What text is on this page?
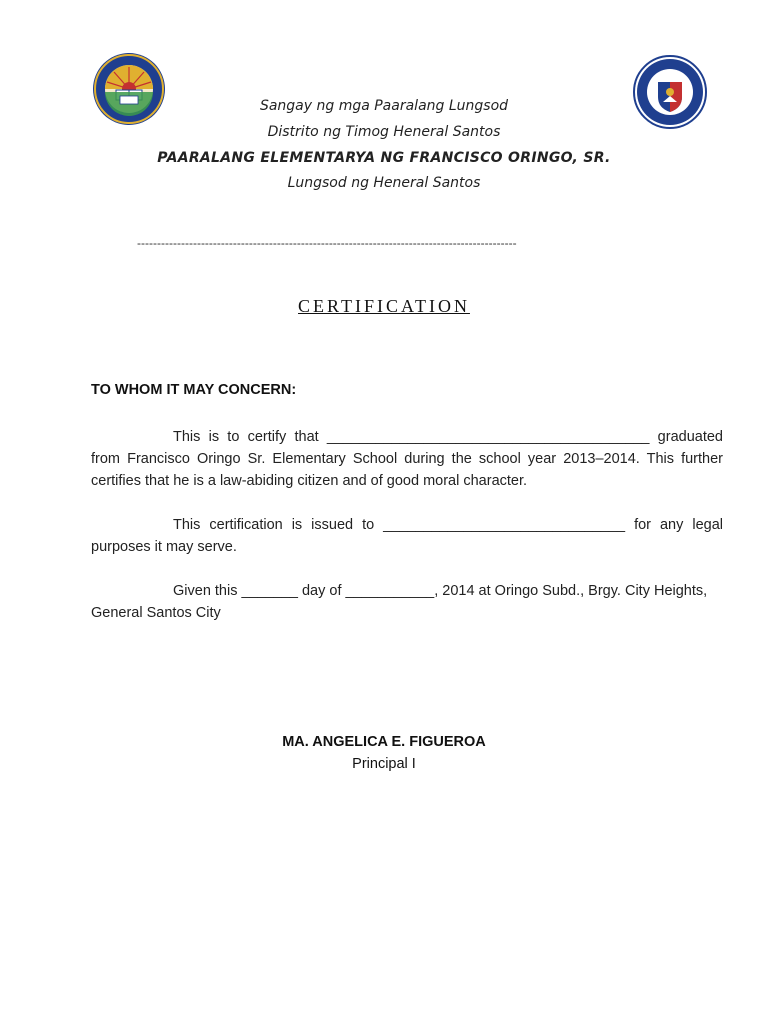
Sangay ng mga Paaralang Lungsod
Distrito ng Timog Heneral Santos
PAARALANG ELEMENTARYA NG FRANCISCO ORINGO, SR.
Lungsod ng Heneral Santos
-----------------------------------------------------------------------------------------------
CERTIFICATION
TO WHOM IT MAY CONCERN:
This is to certify that ________________________________________ graduated from Francisco Oringo Sr. Elementary School during the school year 2013–2014. This further certifies that he is a law-abiding citizen and of good moral character.
This certification is issued to ______________________________ for any legal purposes it may serve.
Given this _______ day of ___________, 2014 at Oringo Subd., Brgy. City Heights, General Santos City
MA. ANGELICA E. FIGUEROA
Principal I
